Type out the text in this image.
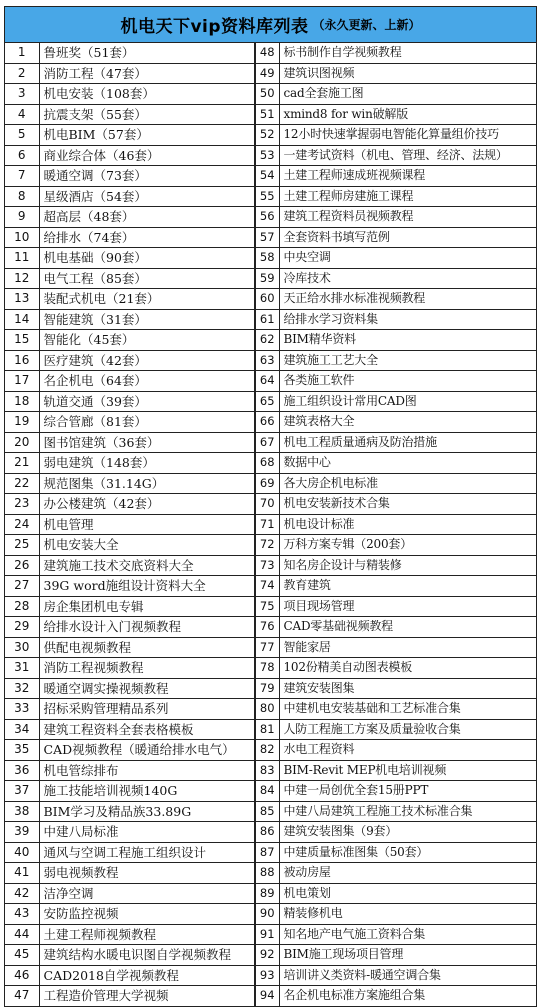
机电天下vip资料库列表 （永久更新、上新）
1	鲁班奖（51套）	48	标书制作自学视频教程
2	消防工程（47套）	49	建筑识图视频
3	机电安装（108套）	50	cad全套施工图
4	抗震支架（55套）	51	xmind8 for win破解版
5	机电BIM（57套）	52	12小时快速掌握弱电智能化算量组价技巧
6	商业综合体（46套）	53	一建考试资料（机电、管理、经济、法规）
7	暖通空调（73套）	54	土建工程师速成班视频课程
8	星级酒店（54套）	55	土建工程师房建施工课程
9	超高层（48套）	56	建筑工程资料员视频教程
10	给排水（74套）	57	全套资料书填写范例
11	机电基础（90套）	58	中央空调
12	电气工程（85套）	59	冷库技术
13	装配式机电（21套）	60	天正给水排水标准视频教程
14	智能建筑（31套）	61	给排水学习资料集
15	智能化（45套）	62	BIM精华资料
16	医疗建筑（42套）	63	建筑施工工艺大全
17	名企机电（64套）	64	各类施工软件
18	轨道交通（39套）	65	施工组织设计常用CAD图
19	综合管廊（81套）	66	建筑表格大全
20	图书馆建筑（36套）	67	机电工程质量通病及防治措施
21	弱电建筑（148套）	68	数据中心
22	规范图集（31.14G）	69	各大房企机电标准
23	办公楼建筑（42套）	70	机电安装新技术合集
24	机电管理	71	机电设计标准
25	机电安装大全	72	万科方案专辑（200套）
26	建筑施工技术交底资料大全	73	知名房企设计与精装修
27	39G word施组设计资料大全	74	教育建筑
28	房企集团机电专辑	75	项目现场管理
29	给排水设计入门视频教程	76	CAD零基础视频教程
30	供配电视频教程	77	智能家居
31	消防工程视频教程	78	102份精美自动图表模板
32	暖通空调实操视频教程	79	建筑安装图集
33	招标采购管理精品系列	80	中建机电安装基础和工艺标准合集
34	建筑工程资料全套表格模板	81	人防工程施工方案及质量验收合集
35	CAD视频教程（暖通给排水电气）	82	水电工程资料
36	机电管综排布	83	BIM-Revit MEP机电培训视频
37	施工技能培训视频140G	84	中建一局创优全套15册PPT
38	BIM学习及精品族33.89G	85	中建八局建筑工程施工技术标准合集
39	中建八局标准	86	建筑安装图集（9套）
40	通风与空调工程施工组织设计	87	中建质量标准图集（50套）
41	弱电视频教程	88	被动房屋
42	洁净空调	89	机电策划
43	安防监控视频	90	精装修机电
44	土建工程师视频教程	91	知名地产电气施工资料合集
45	建筑结构水暖电识图自学视频教程	92	BIM施工现场项目管理
46	CAD2018自学视频教程	93	培训讲义类资料-暖通空调合集
47	工程造价管理大学视频	94	名企机电标准方案施组合集
